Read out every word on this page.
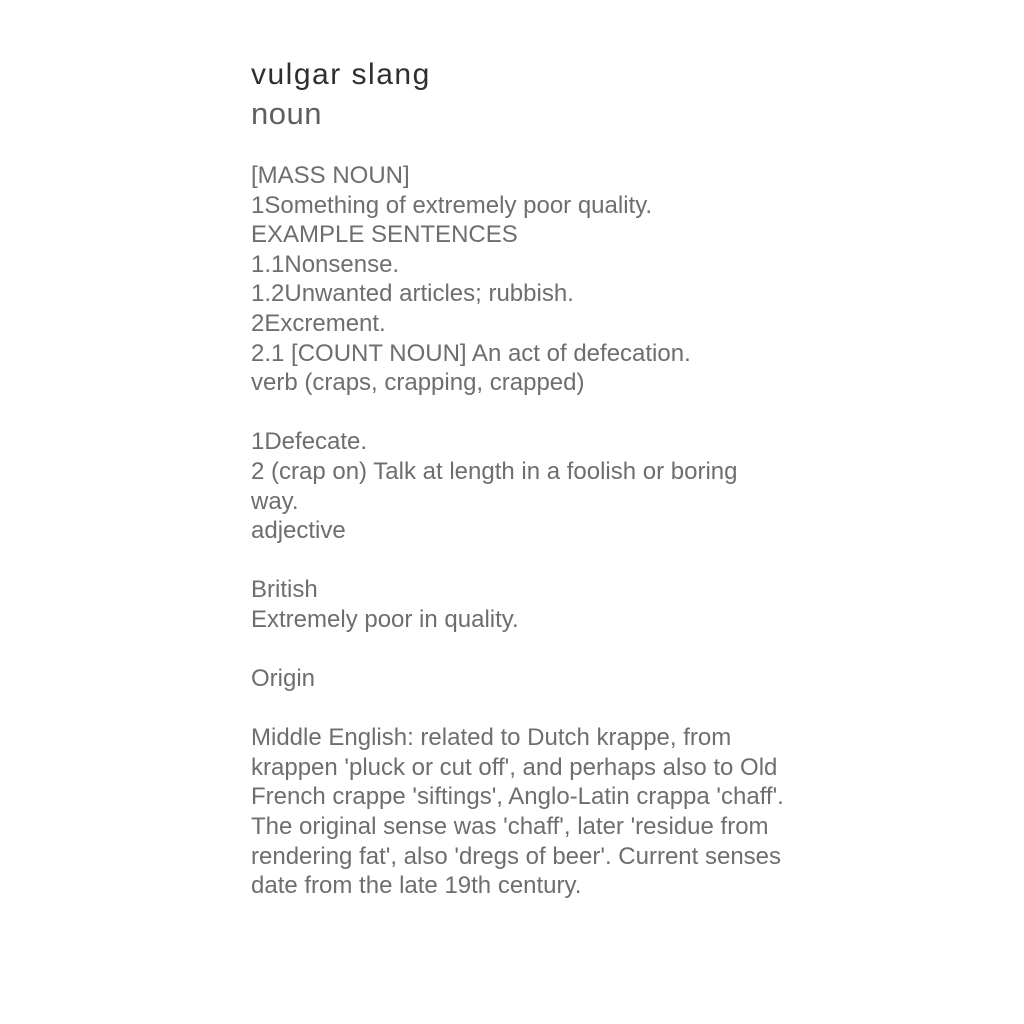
vulgar slang
noun
[MASS NOUN]
1Something of extremely poor quality.
EXAMPLE SENTENCES
1.1Nonsense.
1.2Unwanted articles; rubbish.
2Excrement.
2.1 [COUNT NOUN] An act of defecation.
verb (craps, crapping, crapped)
1Defecate.
2 (crap on) Talk at length in a foolish or boring
way.
adjective
British
Extremely poor in quality.
Origin
Middle English: related to Dutch krappe, from
krappen 'pluck or cut off', and perhaps also to Old
French crappe 'siftings', Anglo-Latin crappa 'chaff'.
The original sense was 'chaff', later 'residue from
rendering fat', also 'dregs of beer'. Current senses
date from the late 19th century.
